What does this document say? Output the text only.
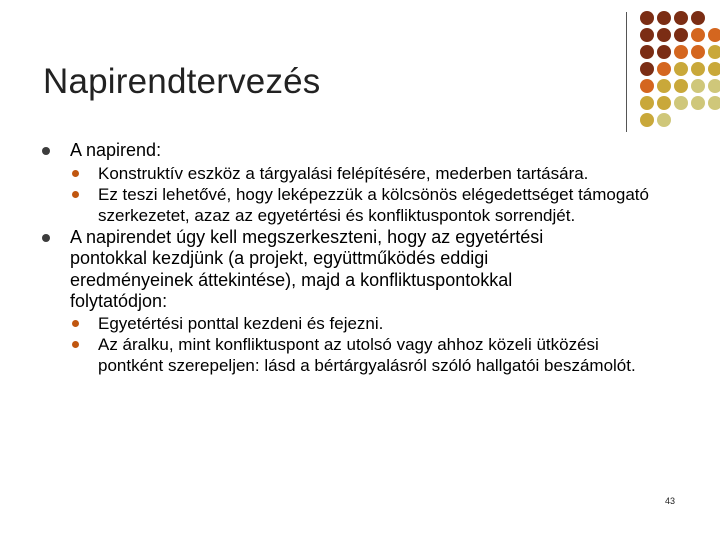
Napirendtervezés
A napirend:
Konstruktív eszköz a tárgyalási felépítésére, mederben tartására.
Ez teszi lehetővé, hogy leképezzük a kölcsönös elégedettséget támogató szerkezetet, azaz az egyetértési és konfliktuspontok sorrendjét.
A napirendet úgy kell megszerkeszteni, hogy az egyetértési pontokkal kezdjünk (a projekt, együttműködés eddigi eredményeinek áttekintése), majd a konfliktuspontokkal folytatódjon:
Egyetértési ponttal kezdeni és fejezni.
Az áralku, mint konfliktuspont az utolsó vagy ahhoz közeli ütközési pontként szerepeljen: lásd a bértárgyalásról szóló hallgatói beszámolót.
43
